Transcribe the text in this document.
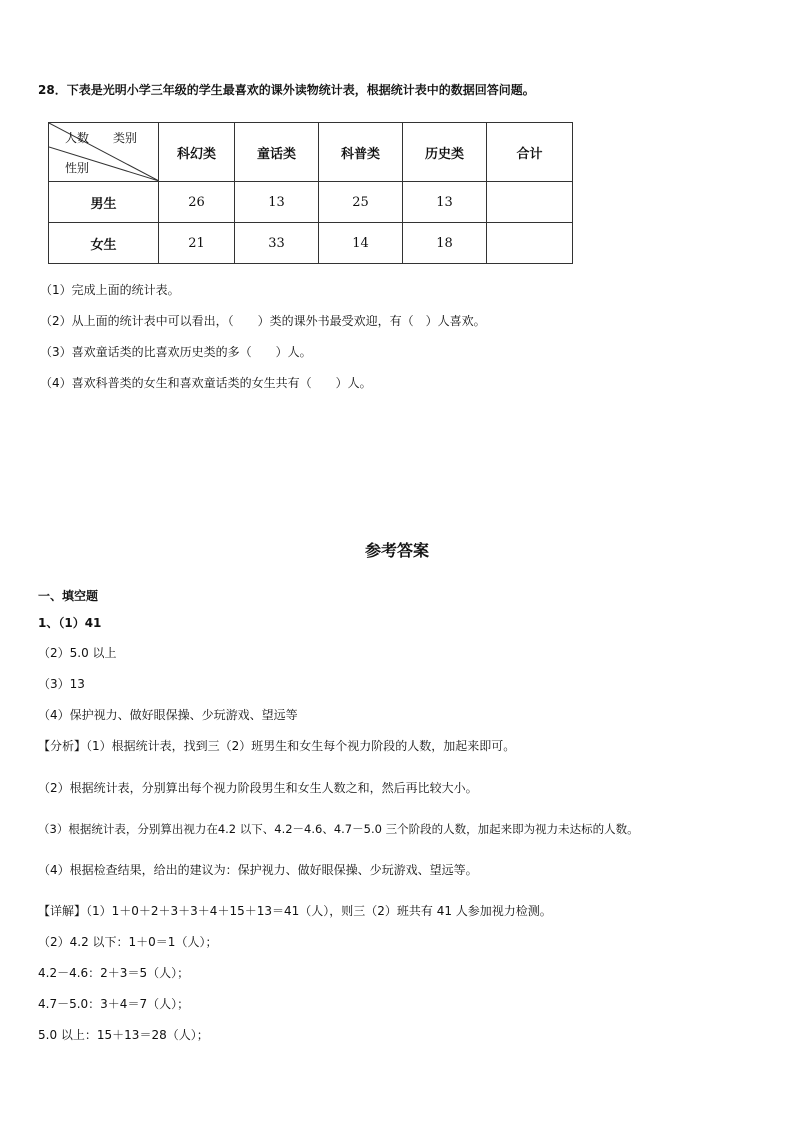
28．下表是光明小学三年级的学生最喜欢的课外读物统计表，根据统计表中的数据回答问题。
人数 类别
性别	科幻类	童话类	科普类	历史类	合计
男生	26	13	25	13	
女生	21	33	14	18	
（1）完成上面的统计表。
（2）从上面的统计表中可以看出，（　　）类的课外书最受欢迎，有（　）人喜欢。
（3）喜欢童话类的比喜欢历史类的多（　　）人。
（4）喜欢科普类的女生和喜欢童话类的女生共有（　　）人。
参考答案
一、填空题
1、（1）41
（2）5.0 以上
（3）13
（4）保护视力、做好眼保操、少玩游戏、望远等
【分析】（1）根据统计表，找到三（2）班男生和女生每个视力阶段的人数，加起来即可。
（2）根据统计表，分别算出每个视力阶段男生和女生人数之和，然后再比较大小。
（3）根据统计表，分别算出视力在4.2 以下、4.2－4.6、4.7－5.0 三个阶段的人数，加起来即为视力未达标的人数。
（4）根据检查结果，给出的建议为：保护视力、做好眼保操、少玩游戏、望远等。
【详解】（1）1＋0＋2＋3＋3＋4＋15＋13＝41（人），则三（2）班共有 41 人参加视力检测。
（2）4.2 以下：1＋0＝1（人）；
4.2－4.6：2＋3＝5（人）；
4.7－5.0：3＋4＝7（人）；
5.0 以上：15＋13＝28（人）；
